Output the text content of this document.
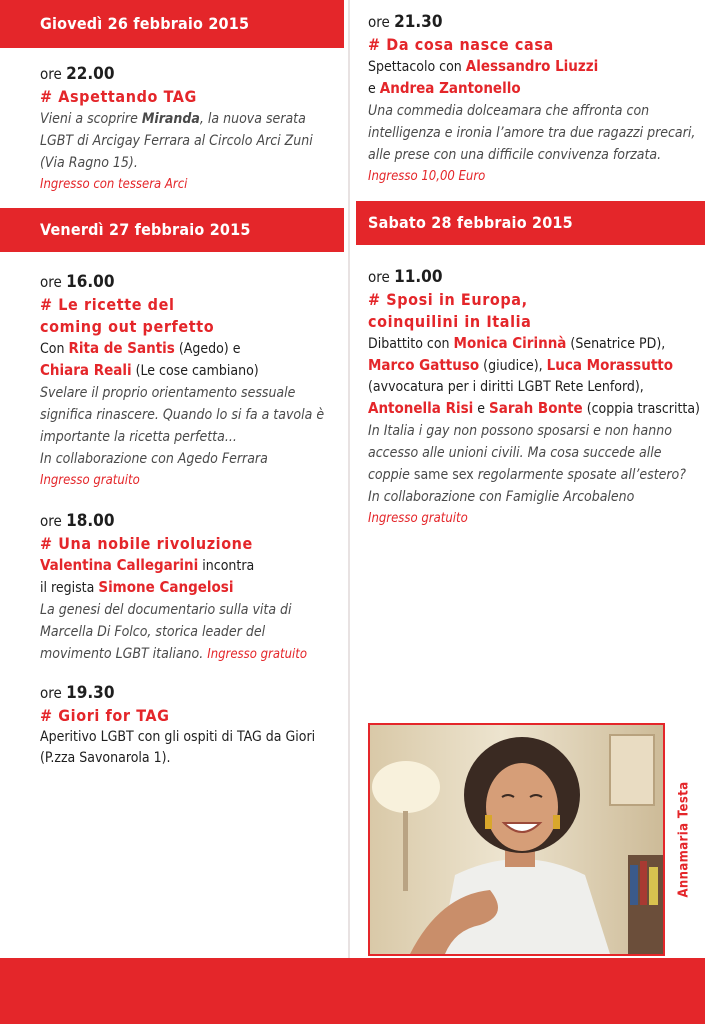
Giovedì 26 febbraio 2015
ore 22.00
# Aspettando TAG
Vieni a scoprire Miranda, la nuova serata LGBT di Arcigay Ferrara al Circolo Arci Zuni (Via Ragno 15).
Ingresso con tessera Arci
Venerdì 27 febbraio 2015
ore 16.00
# Le ricette del
coming out perfetto
Con Rita de Santis (Agedo) e
Chiara Reali (Le cose cambiano)
Svelare il proprio orientamento sessuale significa rinascere. Quando lo si fa a tavola è importante la ricetta perfetta...
In collaborazione con Agedo Ferrara
Ingresso gratuito
ore 18.00
# Una nobile rivoluzione
Valentina Callegarini incontra
il regista Simone Cangelosi
La genesi del documentario sulla vita di Marcella Di Folco, storica leader del movimento LGBT italiano. Ingresso gratuito
ore 19.30
# Giori for TAG
Aperitivo LGBT con gli ospiti di TAG da Giori (P.zza Savonarola 1).
ore 21.30
# Da cosa nasce casa
Spettacolo con Alessandro Liuzzi
e Andrea Zantonello
Una commedia dolceamara che affronta con intelligenza e ironia l’amore tra due ragazzi precari, alle prese con una difficile convivenza forzata.
Ingresso 10,00 Euro
Sabato 28 febbraio 2015
ore 11.00
# Sposi in Europa,
coinquilini in Italia
Dibattito con Monica Cirinnà (Senatrice PD), Marco Gattuso (giudice), Luca Morassutto (avvocatura per i diritti LGBT Rete Lenford), Antonella Risi e Sarah Bonte (coppia trascritta)
In Italia i gay non possono sposarsi e non hanno accesso alle unioni civili. Ma cosa succede alle coppie same sex regolarmente sposate all’estero?
In collaborazione con Famiglie Arcobaleno
Ingresso gratuito
Annamaria Testa
